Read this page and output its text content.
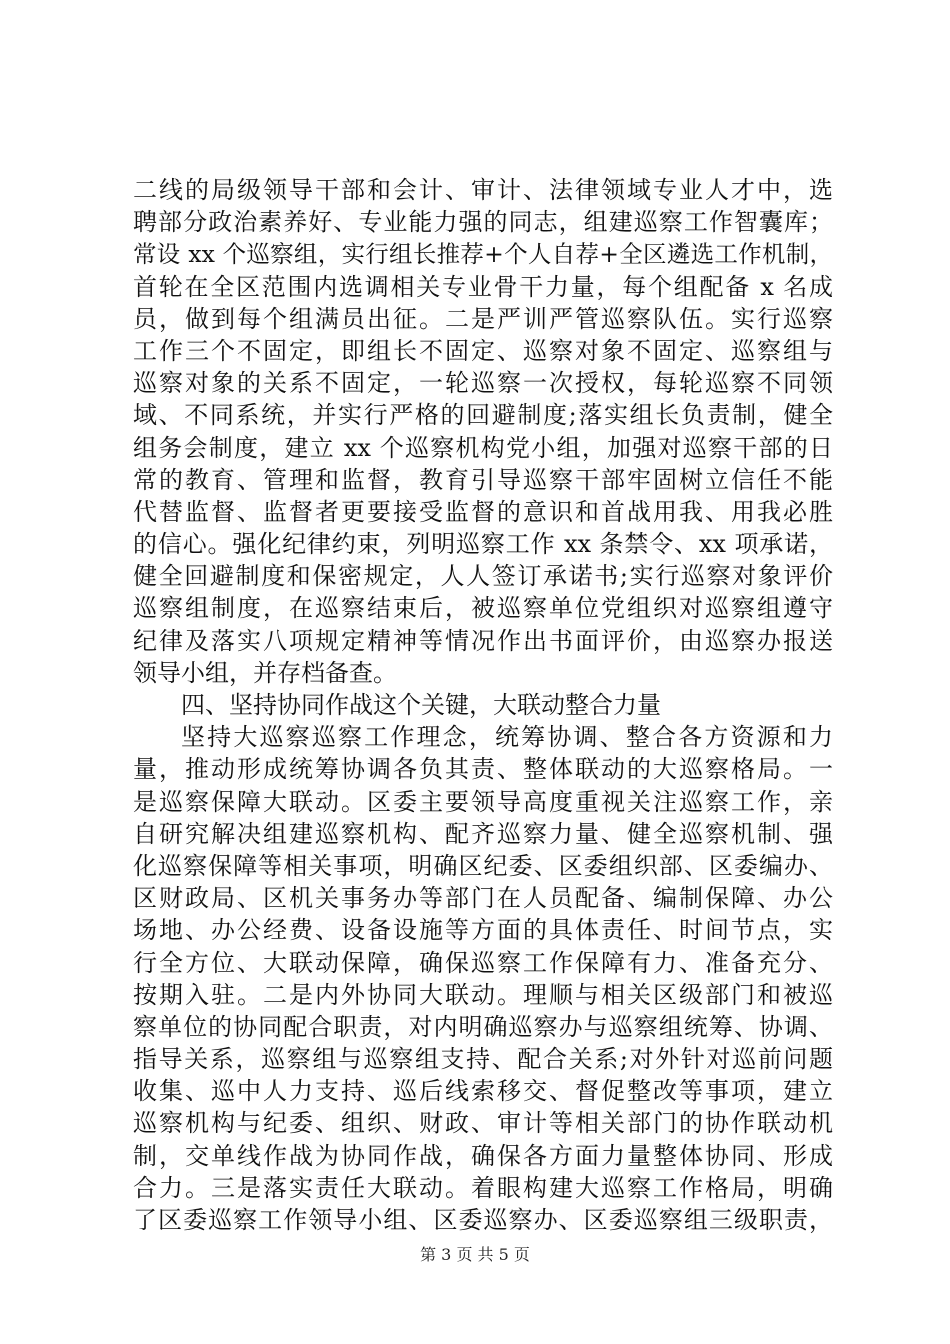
二线的局级领导干部和会计、审计、法律领域专业人才中，选
聘部分政治素养好、专业能力强的同志，组建巡察工作智囊库；
常设 xx 个巡察组，实行组长推荐+个人自荐+全区遴选工作机制，
首轮在全区范围内选调相关专业骨干力量，每个组配备 x 名成
员，做到每个组满员出征。二是严训严管巡察队伍。实行巡察
工作三个不固定，即组长不固定、巡察对象不固定、巡察组与
巡察对象的关系不固定，一轮巡察一次授权，每轮巡察不同领
域、不同系统，并实行严格的回避制度;落实组长负责制，健全
组务会制度，建立 xx 个巡察机构党小组，加强对巡察干部的日
常的教育、管理和监督，教育引导巡察干部牢固树立信任不能
代替监督、监督者更要接受监督的意识和首战用我、用我必胜
的信心。强化纪律约束，列明巡察工作 xx 条禁令、xx 项承诺，
健全回避制度和保密规定，人人签订承诺书;实行巡察对象评价
巡察组制度，在巡察结束后，被巡察单位党组织对巡察组遵守
纪律及落实八项规定精神等情况作出书面评价，由巡察办报送
领导小组，并存档备查。
四、坚持协同作战这个关键，大联动整合力量
坚持大巡察巡察工作理念，统筹协调、整合各方资源和力
量，推动形成统筹协调各负其责、整体联动的大巡察格局。一
是巡察保障大联动。区委主要领导高度重视关注巡察工作，亲
自研究解决组建巡察机构、配齐巡察力量、健全巡察机制、强
化巡察保障等相关事项，明确区纪委、区委组织部、区委编办、
区财政局、区机关事务办等部门在人员配备、编制保障、办公
场地、办公经费、设备设施等方面的具体责任、时间节点，实
行全方位、大联动保障，确保巡察工作保障有力、准备充分、
按期入驻。二是内外协同大联动。理顺与相关区级部门和被巡
察单位的协同配合职责，对内明确巡察办与巡察组统筹、协调、
指导关系，巡察组与巡察组支持、配合关系;对外针对巡前问题
收集、巡中人力支持、巡后线索移交、督促整改等事项，建立
巡察机构与纪委、组织、财政、审计等相关部门的协作联动机
制，交单线作战为协同作战，确保各方面力量整体协同、形成
合力。三是落实责任大联动。着眼构建大巡察工作格局，明确
了区委巡察工作领导小组、区委巡察办、区委巡察组三级职责，
第 3 页 共 5 页
